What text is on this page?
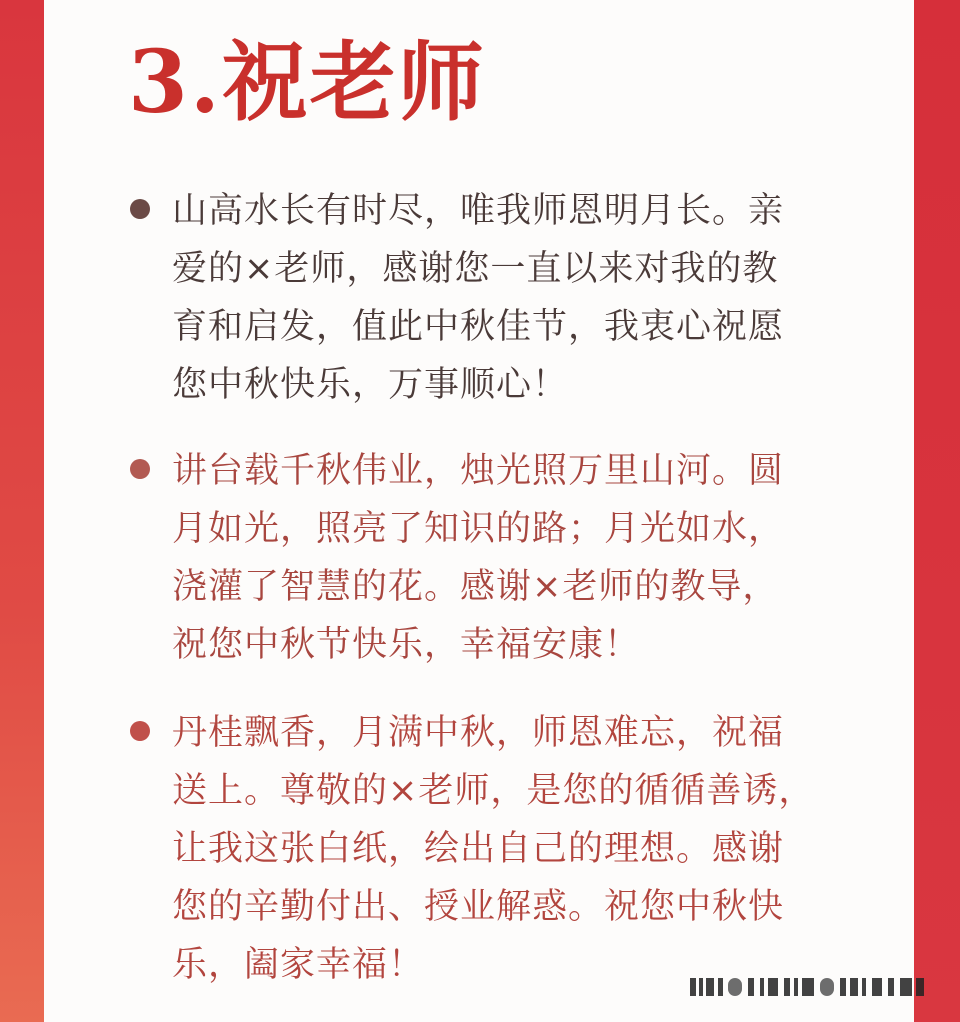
3.祝老师
山高水长有时尽，唯我师恩明月长。亲
爱的×老师，感谢您一直以来对我的教
育和启发，值此中秋佳节，我衷心祝愿
您中秋快乐，万事顺心！
讲台载千秋伟业，烛光照万里山河。圆
月如光，照亮了知识的路；月光如水，
浇灌了智慧的花。感谢×老师的教导，
祝您中秋节快乐，幸福安康！
丹桂飘香，月满中秋，师恩难忘，祝福
送上。尊敬的×老师，是您的循循善诱，
让我这张白纸，绘出自己的理想。感谢
您的辛勤付出、授业解惑。祝您中秋快
乐，阖家幸福！
